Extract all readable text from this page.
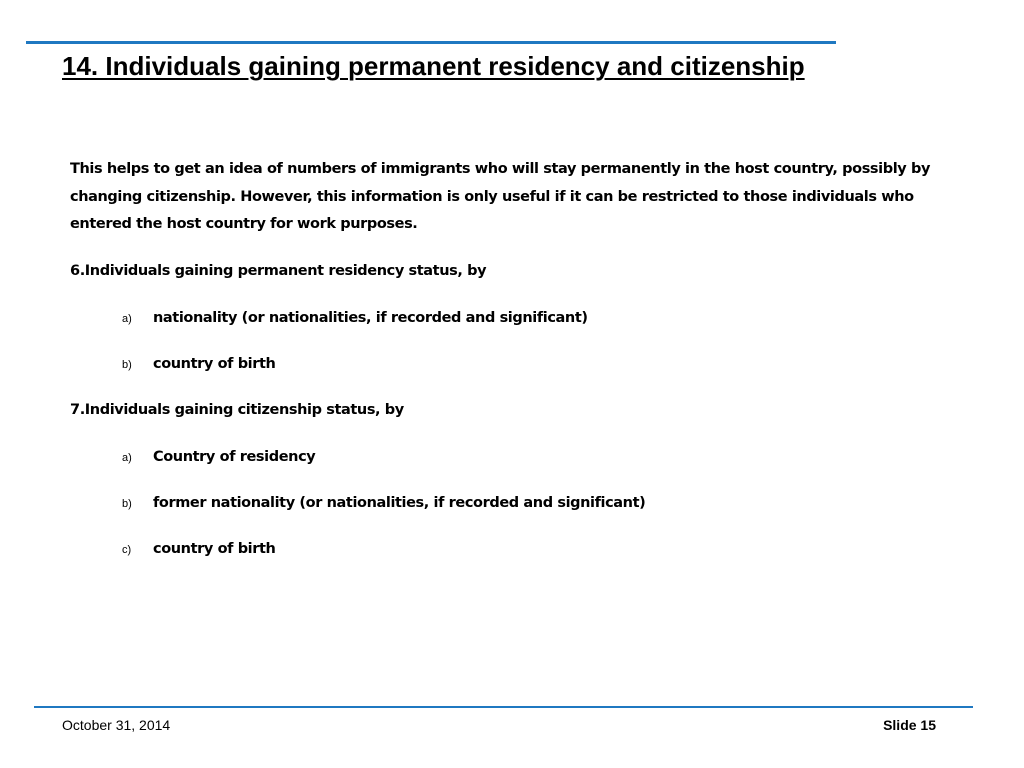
14. Individuals gaining permanent residency and citizenship

This helps to get an idea of numbers of immigrants who will stay permanently in the host country, possibly by changing citizenship. However, this information is only useful if it can be restricted to those individuals who entered the host country for work purposes.

6.Individuals gaining permanent residency status, by

a) nationality (or nationalities, if recorded and significant)
b) country of birth

7.Individuals gaining citizenship status, by

a) Country of residency
b) former nationality (or nationalities, if recorded and significant)
c) country of birth
October 31, 2014	Slide 15
